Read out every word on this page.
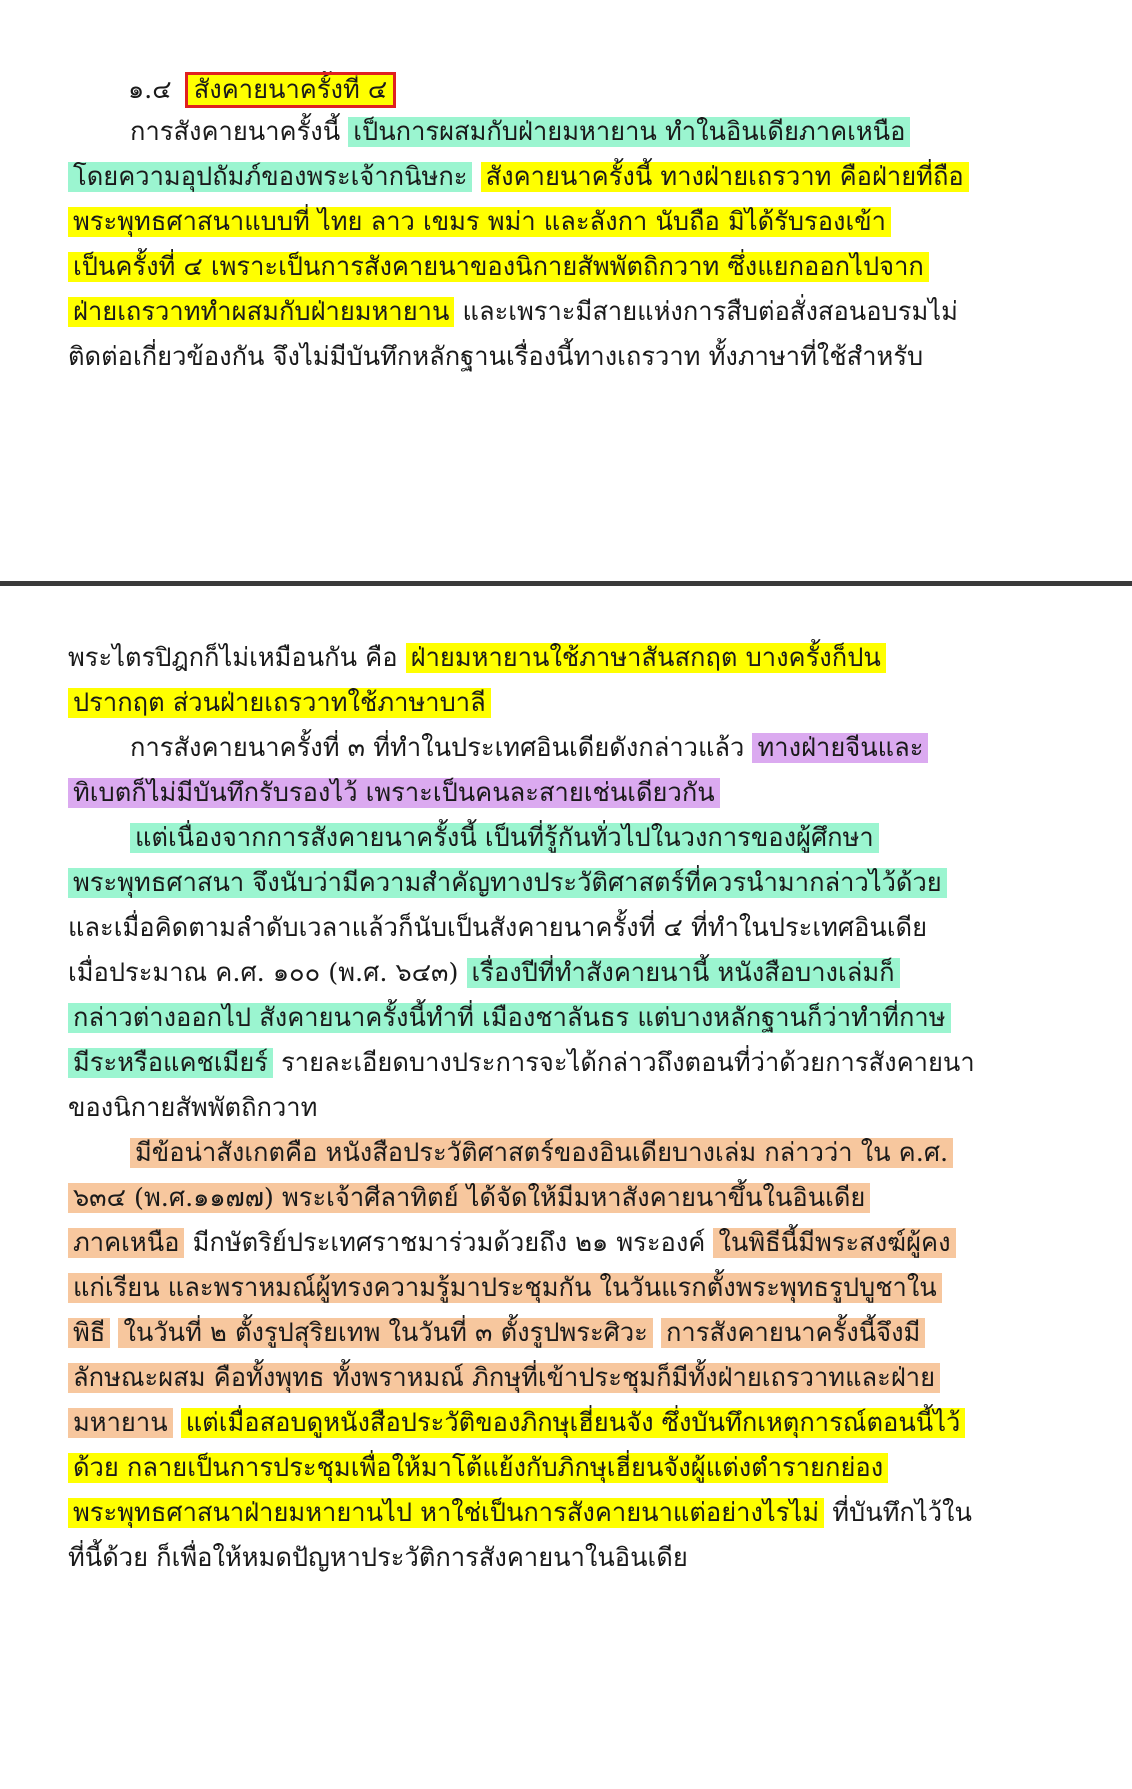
๑.๔ สังคายนาครั้งที่ ๔
การสังคายนาครั้งนี้ เป็นการผสมกับฝ่ายมหายาน ทำในอินเดียภาคเหนือ
โดยความอุปถัมภ์ของพระเจ้ากนิษกะ สังคายนาครั้งนี้ ทางฝ่ายเถรวาท คือฝ่ายที่ถือ
พระพุทธศาสนาแบบที่ ไทย ลาว เขมร พม่า และลังกา นับถือ มิได้รับรองเข้า
เป็นครั้งที่ ๔ เพราะเป็นการสังคายนาของนิกายสัพพัตถิกวาท ซึ่งแยกออกไปจาก
ฝ่ายเถรวาททำผสมกับฝ่ายมหายาน และเพราะมีสายแห่งการสืบต่อสั่งสอนอบรมไม่
ติดต่อเกี่ยวข้องกัน จึงไม่มีบันทึกหลักฐานเรื่องนี้ทางเถรวาท ทั้งภาษาที่ใช้สำหรับ
พระไตรปิฎกก็ไม่เหมือนกัน คือ ฝ่ายมหายานใช้ภาษาสันสกฤต บางครั้งก็ปน
ปรากฤต ส่วนฝ่ายเถรวาทใช้ภาษาบาลี
การสังคายนาครั้งที่ ๓ ที่ทำในประเทศอินเดียดังกล่าวแล้ว ทางฝ่ายจีนและ
ทิเบตก็ไม่มีบันทึกรับรองไว้ เพราะเป็นคนละสายเช่นเดียวกัน
แต่เนื่องจากการสังคายนาครั้งนี้ เป็นที่รู้กันทั่วไปในวงการของผู้ศึกษา
พระพุทธศาสนา จึงนับว่ามีความสำคัญทางประวัติศาสตร์ที่ควรนำมากล่าวไว้ด้วย
และเมื่อคิดตามลำดับเวลาแล้วก็นับเป็นสังคายนาครั้งที่ ๔ ที่ทำในประเทศอินเดีย
เมื่อประมาณ ค.ศ. ๑๐๐ (พ.ศ. ๖๔๓) เรื่องปีที่ทำสังคายนานี้ หนังสือบางเล่มก็
กล่าวต่างออกไป สังคายนาครั้งนี้ทำที่ เมืองชาลันธร แต่บางหลักฐานก็ว่าทำที่กาษ
มีระหรือแคชเมียร์ รายละเอียดบางประการจะได้กล่าวถึงตอนที่ว่าด้วยการสังคายนา
ของนิกายสัพพัตถิกวาท
มีข้อน่าสังเกตคือ หนังสือประวัติศาสตร์ของอินเดียบางเล่ม กล่าวว่า ใน ค.ศ.
๖๓๔ (พ.ศ.๑๑๗๗) พระเจ้าศีลาทิตย์ ได้จัดให้มีมหาสังคายนาขึ้นในอินเดีย
ภาคเหนือ มีกษัตริย์ประเทศราชมาร่วมด้วยถึง ๒๑ พระองค์ ในพิธีนี้มีพระสงฆ์ผู้คง
แก่เรียน และพราหมณ์ผู้ทรงความรู้มาประชุมกัน ในวันแรกตั้งพระพุทธรูปบูชาใน
พิธี ในวันที่ ๒ ตั้งรูปสุริยเทพ ในวันที่ ๓ ตั้งรูปพระศิวะ การสังคายนาครั้งนี้จึงมี
ลักษณะผสม คือทั้งพุทธ ทั้งพราหมณ์ ภิกษุที่เข้าประชุมก็มีทั้งฝ่ายเถรวาทและฝ่าย
มหายาน แต่เมื่อสอบดูหนังสือประวัติของภิกษุเฮี่ยนจัง ซึ่งบันทึกเหตุการณ์ตอนนี้ไว้
ด้วย กลายเป็นการประชุมเพื่อให้มาโต้แย้งกับภิกษุเฮี่ยนจังผู้แต่งตำรายกย่อง
พระพุทธศาสนาฝ่ายมหายานไป หาใช่เป็นการสังคายนาแต่อย่างไรไม่ ที่บันทึกไว้ใน
ที่นี้ด้วย ก็เพื่อให้หมดปัญหาประวัติการสังคายนาในอินเดีย
